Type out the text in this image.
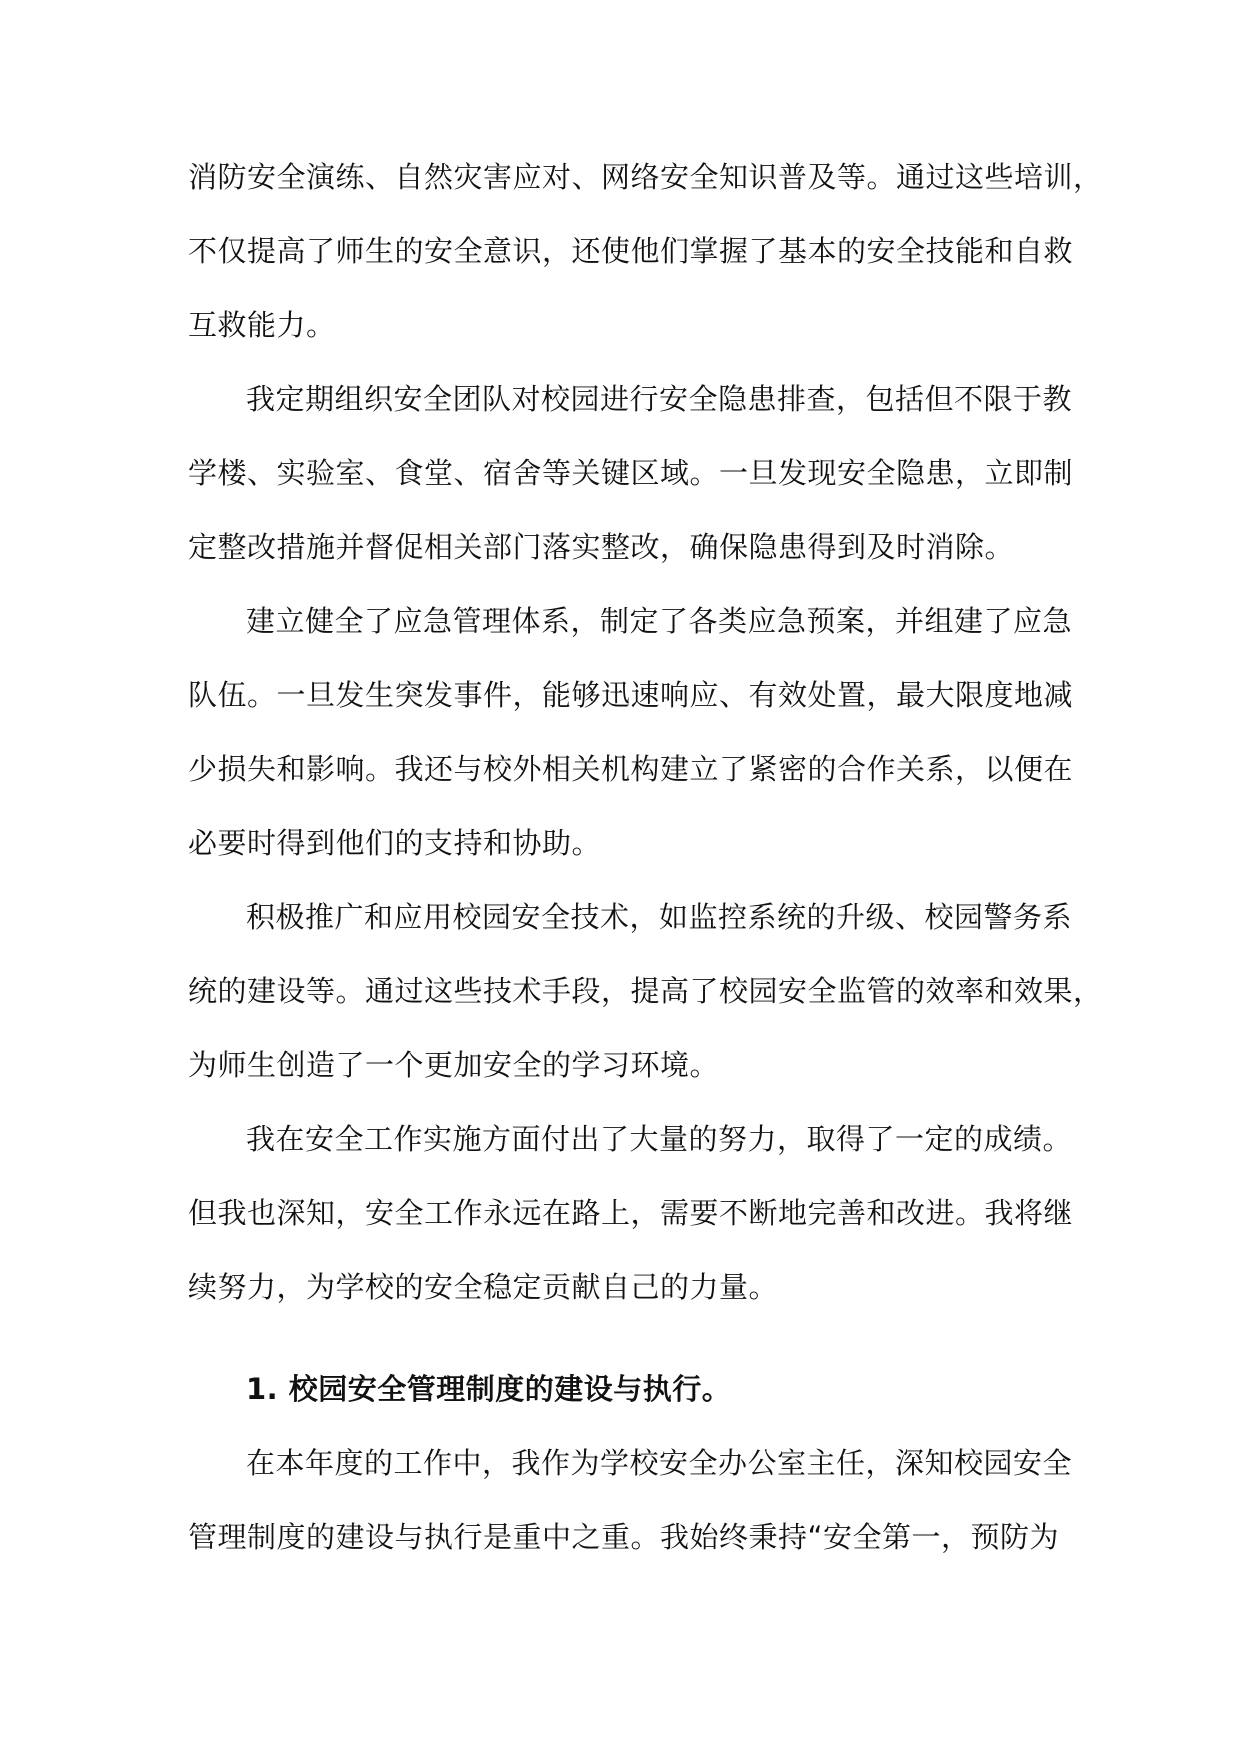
消防安全演练、自然灾害应对、网络安全知识普及等。通过这些培训，
不仅提高了师生的安全意识，还使他们掌握了基本的安全技能和自救
互救能力。
我定期组织安全团队对校园进行安全隐患排查，包括但不限于教
学楼、实验室、食堂、宿舍等关键区域。一旦发现安全隐患，立即制
定整改措施并督促相关部门落实整改，确保隐患得到及时消除。
建立健全了应急管理体系，制定了各类应急预案，并组建了应急
队伍。一旦发生突发事件，能够迅速响应、有效处置，最大限度地减
少损失和影响。我还与校外相关机构建立了紧密的合作关系，以便在
必要时得到他们的支持和协助。
积极推广和应用校园安全技术，如监控系统的升级、校园警务系
统的建设等。通过这些技术手段，提高了校园安全监管的效率和效果，
为师生创造了一个更加安全的学习环境。
我在安全工作实施方面付出了大量的努力，取得了一定的成绩。
但我也深知，安全工作永远在路上，需要不断地完善和改进。我将继
续努力，为学校的安全稳定贡献自己的力量。
1. 校园安全管理制度的建设与执行。
在本年度的工作中，我作为学校安全办公室主任，深知校园安全
管理制度的建设与执行是重中之重。我始终秉持“安全第一，预防为
